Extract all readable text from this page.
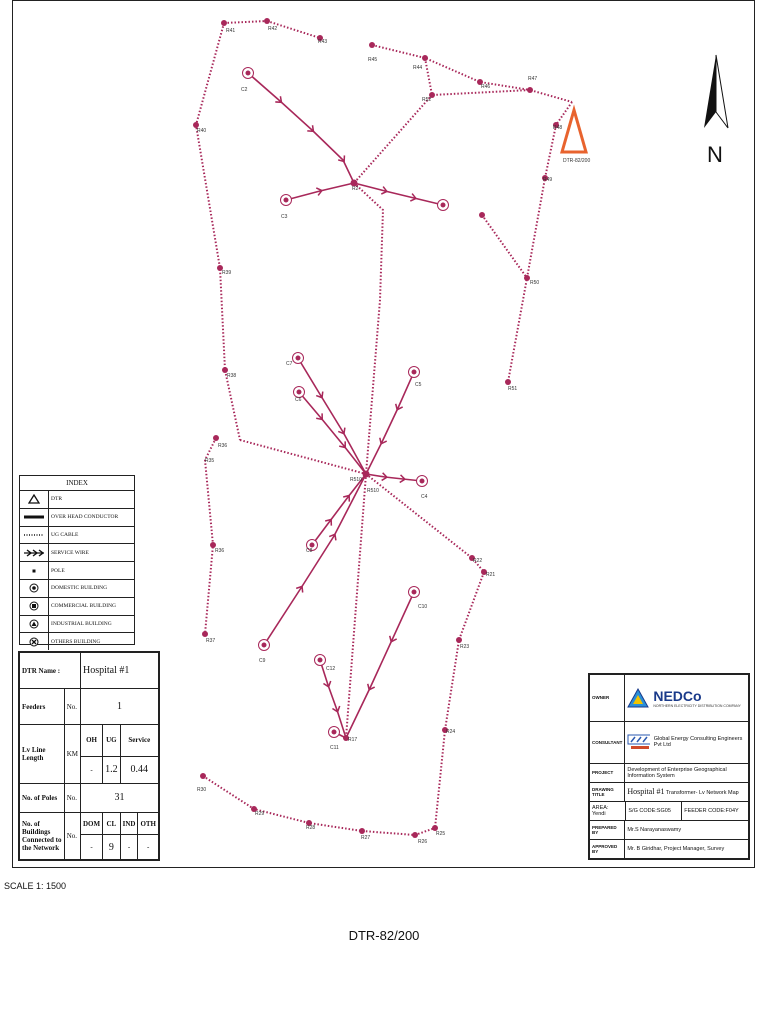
DTR-82/200	N
R41	R42
R43
R40
R39
R38
R36
R35
R36
R37
R45
R44
R46
R47
R52
R48
R49
R50
R51
C2
C3
R2
C7
C6
C5
C4
C8
C9
R510
R510
R22
R21
R23
R24
C10
C12
C11
R17
R30
R29
R28
R27
R26
R25
INDEX
DTR
OVER HEAD CONDUCTOR
UG CABLE
SERVICE WIRE
POLE
DOMESTIC BUILDING
COMMERCIAL BUILDING
INDUSTRIAL BUILDING
OTHERS BUILDING
DTR Name :		Hospital #1			
Feeders	No.	1			
Lv Line Length	KM	OH	UG	Service	
		-	1.2	0.44	
No. of Poles	No.	31			
No. of Buildings Connected to the Network	No.	DOM	CL	IND	OTH
		-	9	-	-
OWNER	NEDCo
NORTHERN ELECTRICITY DISTRIBUTION COMPANY	

CONSULTANT	Global Energy Consulting Engineers Pvt Ltd	

PROJECT	Development of Enterprise Geographical Information System	
DRAWING TITLE	Hospital #1 Transformer- Lv Network Map	
AREA: Yendi	S/G CODE:SG05	FEEDER CODE:F04Y
PREPARED BY	Mr.S Narayanaswamy	
APPROVED BY	Mr. B Giridhar, Project Manager, Survey	
SCALE 1: 1500
DTR-82/200
